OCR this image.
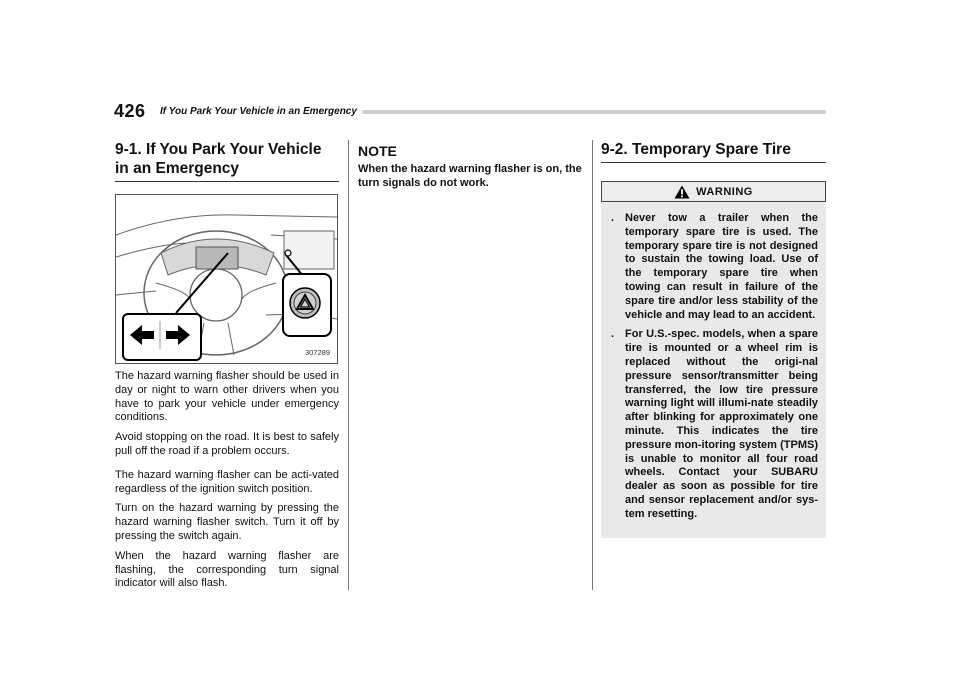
426 If You Park Your Vehicle in an Emergency
9-1. If You Park Your Vehicle in an Emergency
307289

The hazard warning flasher should be used in day or night to warn other drivers when you have to park your vehicle under emergency conditions.

Avoid stopping on the road. It is best to safely pull off the road if a problem occurs.

The hazard warning flasher can be acti-vated regardless of the ignition switch position.

Turn on the hazard warning by pressing the hazard warning flasher switch. Turn it off by pressing the switch again.

When the hazard warning flasher are flashing, the corresponding turn signal indicator will also flash.

NOTE
When the hazard warning flasher is on, the turn signals do not work.
9-2. Temporary Spare Tire
WARNING
. Never tow a trailer when the temporary spare tire is used. The temporary spare tire is not designed to sustain the towing load. Use of the temporary spare tire when towing can result in failure of the spare tire and/or less stability of the vehicle and may lead to an accident.
. For U.S.-spec. models, when a spare tire is mounted or a wheel rim is replaced without the origi-nal pressure sensor/transmitter being transferred, the low tire pressure warning light will illumi-nate steadily after blinking for approximately one minute. This indicates the tire pressure mon-itoring system (TPMS) is unable to monitor all four road wheels. Contact your SUBARU dealer as soon as possible for tire and sensor replacement and/or sys-tem resetting.
